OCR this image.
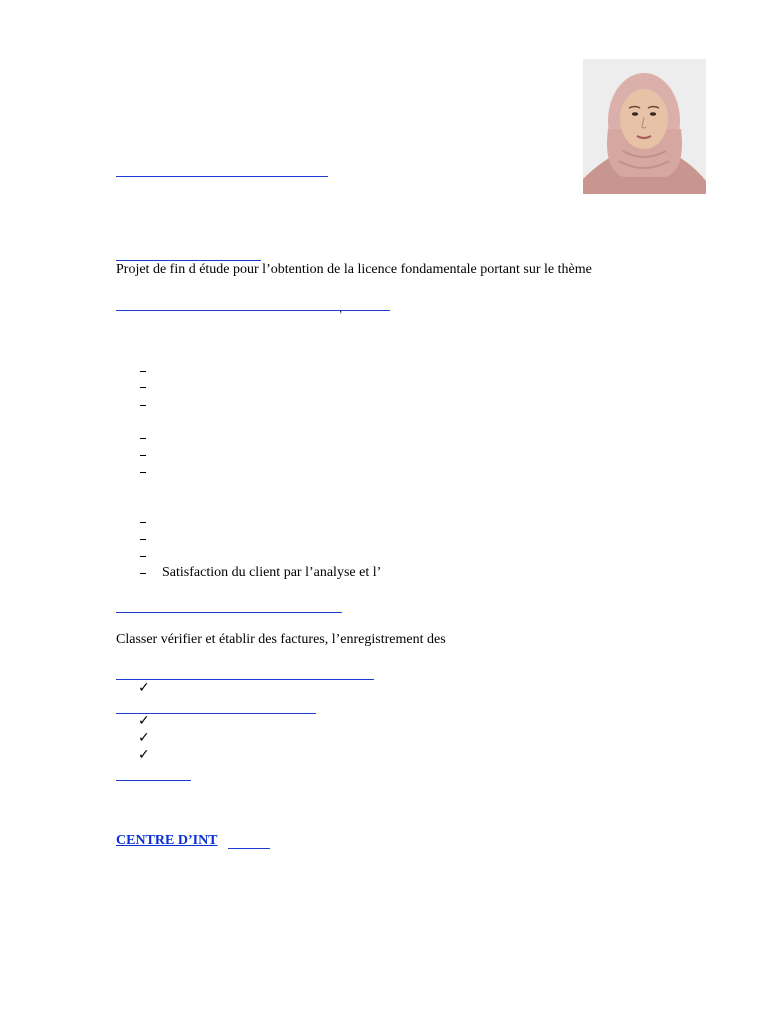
Projet de fin d étude pour l’obtention de la licence fondamentale portant sur le thème
’
Satisfaction du client par l’analyse et l’
Classer vérifier et établir des factures, l’enregistrement des
✓
✓
✓
✓
CENTRE D’INT
